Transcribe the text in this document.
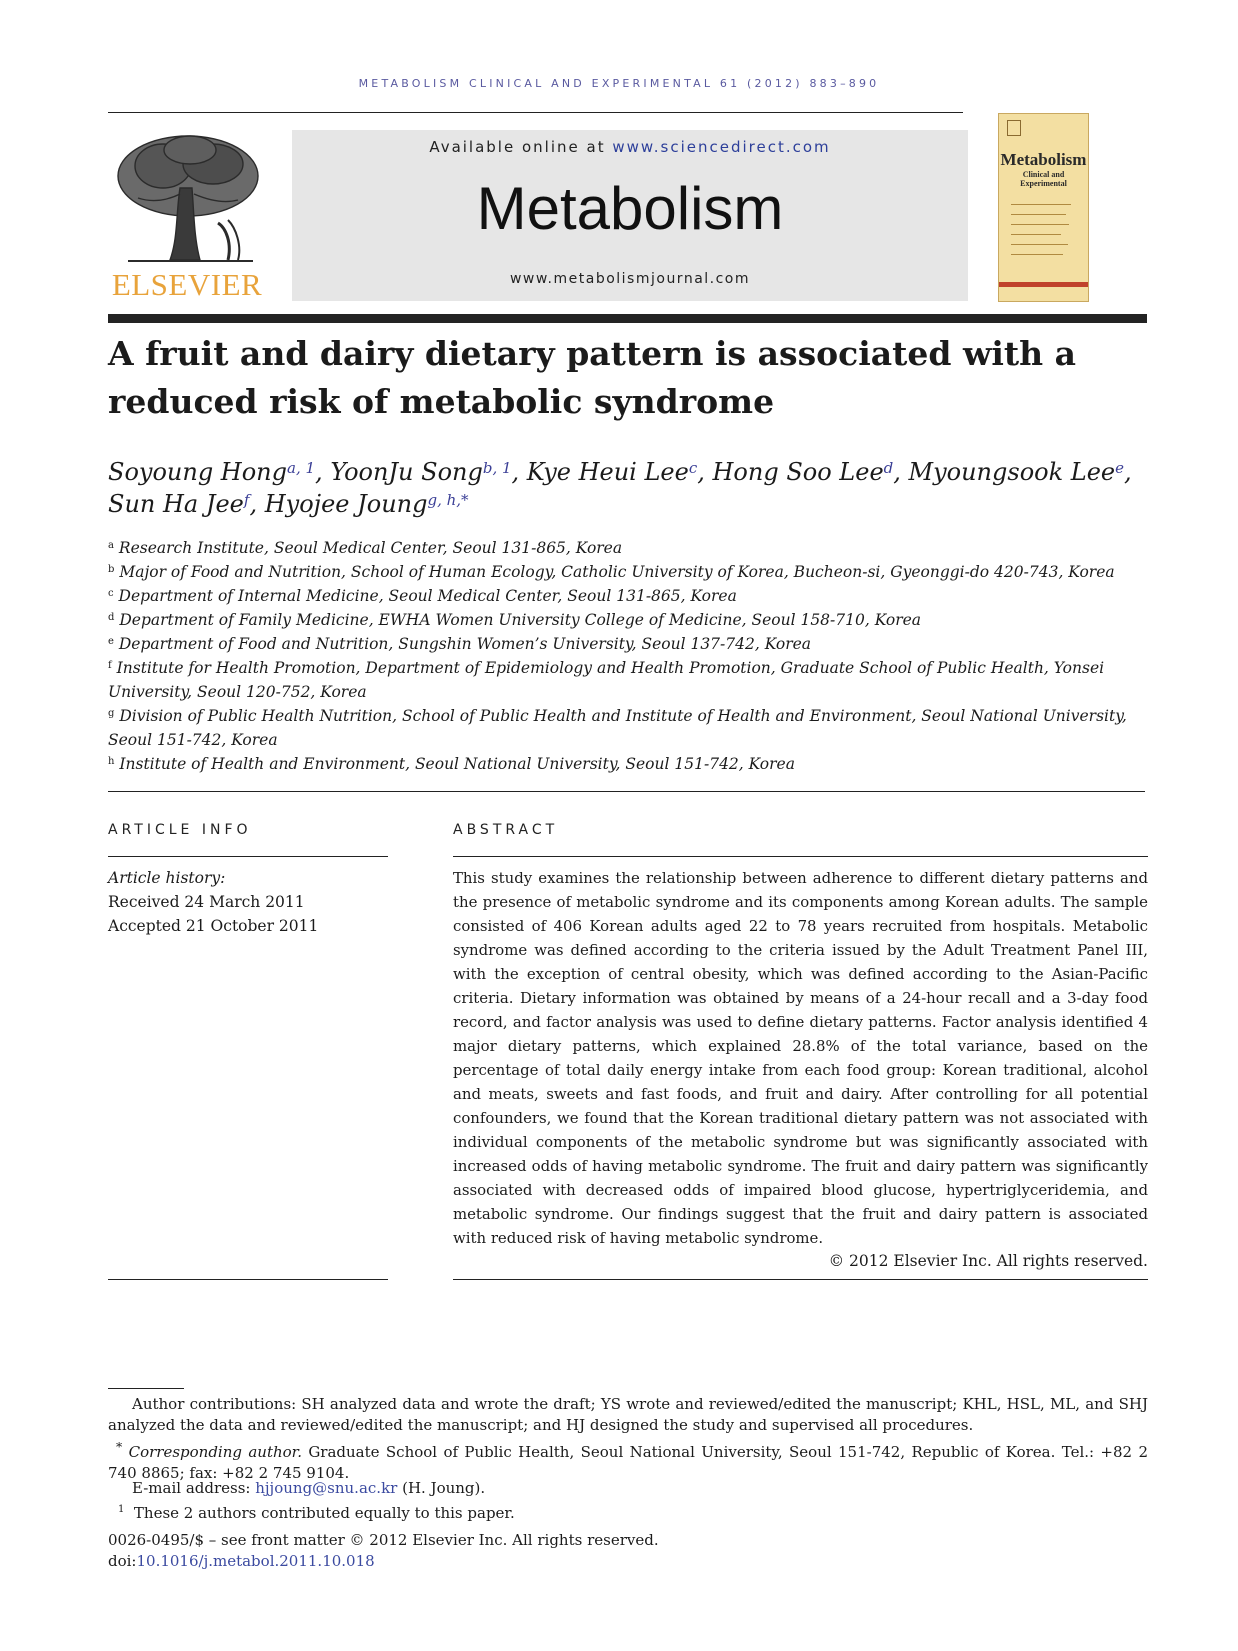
METABOLISM CLINICAL AND EXPERIMENTAL 61 (2012) 883–890
ELSEVIER
Available online at www.sciencedirect.com
Metabolism
www.metabolismjournal.com
Metabolism
Clinical and Experimental
A fruit and dairy dietary pattern is associated with a reduced risk of metabolic syndrome
Soyoung Hong$^{a, 1}$, YoonJu Song$^{b, 1}$, Kye Heui Lee$^c$, Hong Soo Lee$^d$, Myoungsook Lee$^e$,
Sun Ha Jee$^f$, Hyojee Joung$^{g, h,*}$
$^a$ Research Institute, Seoul Medical Center, Seoul 131-865, Korea
$^b$ Major of Food and Nutrition, School of Human Ecology, Catholic University of Korea, Bucheon-si, Gyeonggi-do 420-743, Korea
$^c$ Department of Internal Medicine, Seoul Medical Center, Seoul 131-865, Korea
$^d$ Department of Family Medicine, EWHA Women University College of Medicine, Seoul 158-710, Korea
$^e$ Department of Food and Nutrition, Sungshin Women’s University, Seoul 137-742, Korea
$^f$ Institute for Health Promotion, Department of Epidemiology and Health Promotion, Graduate School of Public Health, Yonsei University, Seoul 120-752, Korea
$^g$ Division of Public Health Nutrition, School of Public Health and Institute of Health and Environment, Seoul National University, Seoul 151-742, Korea
$^h$ Institute of Health and Environment, Seoul National University, Seoul 151-742, Korea
ARTICLE INFO
Article history:
Received 24 March 2011
Accepted 21 October 2011
ABSTRACT
This study examines the relationship between adherence to different dietary patterns and the presence of metabolic syndrome and its components among Korean adults. The sample consisted of 406 Korean adults aged 22 to 78 years recruited from hospitals. Metabolic syndrome was defined according to the criteria issued by the Adult Treatment Panel III, with the exception of central obesity, which was defined according to the Asian-Pacific criteria. Dietary information was obtained by means of a 24-hour recall and a 3-day food record, and factor analysis was used to define dietary patterns. Factor analysis identified 4 major dietary patterns, which explained 28.8% of the total variance, based on the percentage of total daily energy intake from each food group: Korean traditional, alcohol and meats, sweets and fast foods, and fruit and dairy. After controlling for all potential confounders, we found that the Korean traditional dietary pattern was not associated with individual components of the metabolic syndrome but was significantly associated with increased odds of having metabolic syndrome. The fruit and dairy pattern was significantly associated with decreased odds of impaired blood glucose, hypertriglyceridemia, and metabolic syndrome. Our findings suggest that the fruit and dairy pattern is associated with reduced risk of having metabolic syndrome.
© 2012 Elsevier Inc. All rights reserved.
Author contributions: SH analyzed data and wrote the draft; YS wrote and reviewed/edited the manuscript; KHL, HSL, ML, and SHJ analyzed the data and reviewed/edited the manuscript; and HJ designed the study and supervised all procedures.
* Corresponding author. Graduate School of Public Health, Seoul National University, Seoul 151-742, Republic of Korea. Tel.: +82 2 740 8865; fax: +82 2 745 9104.
E-mail address: hjjoung@snu.ac.kr (H. Joung).
$^1$ These 2 authors contributed equally to this paper.
0026-0495/$ – see front matter © 2012 Elsevier Inc. All rights reserved.
doi:10.1016/j.metabol.2011.10.018
